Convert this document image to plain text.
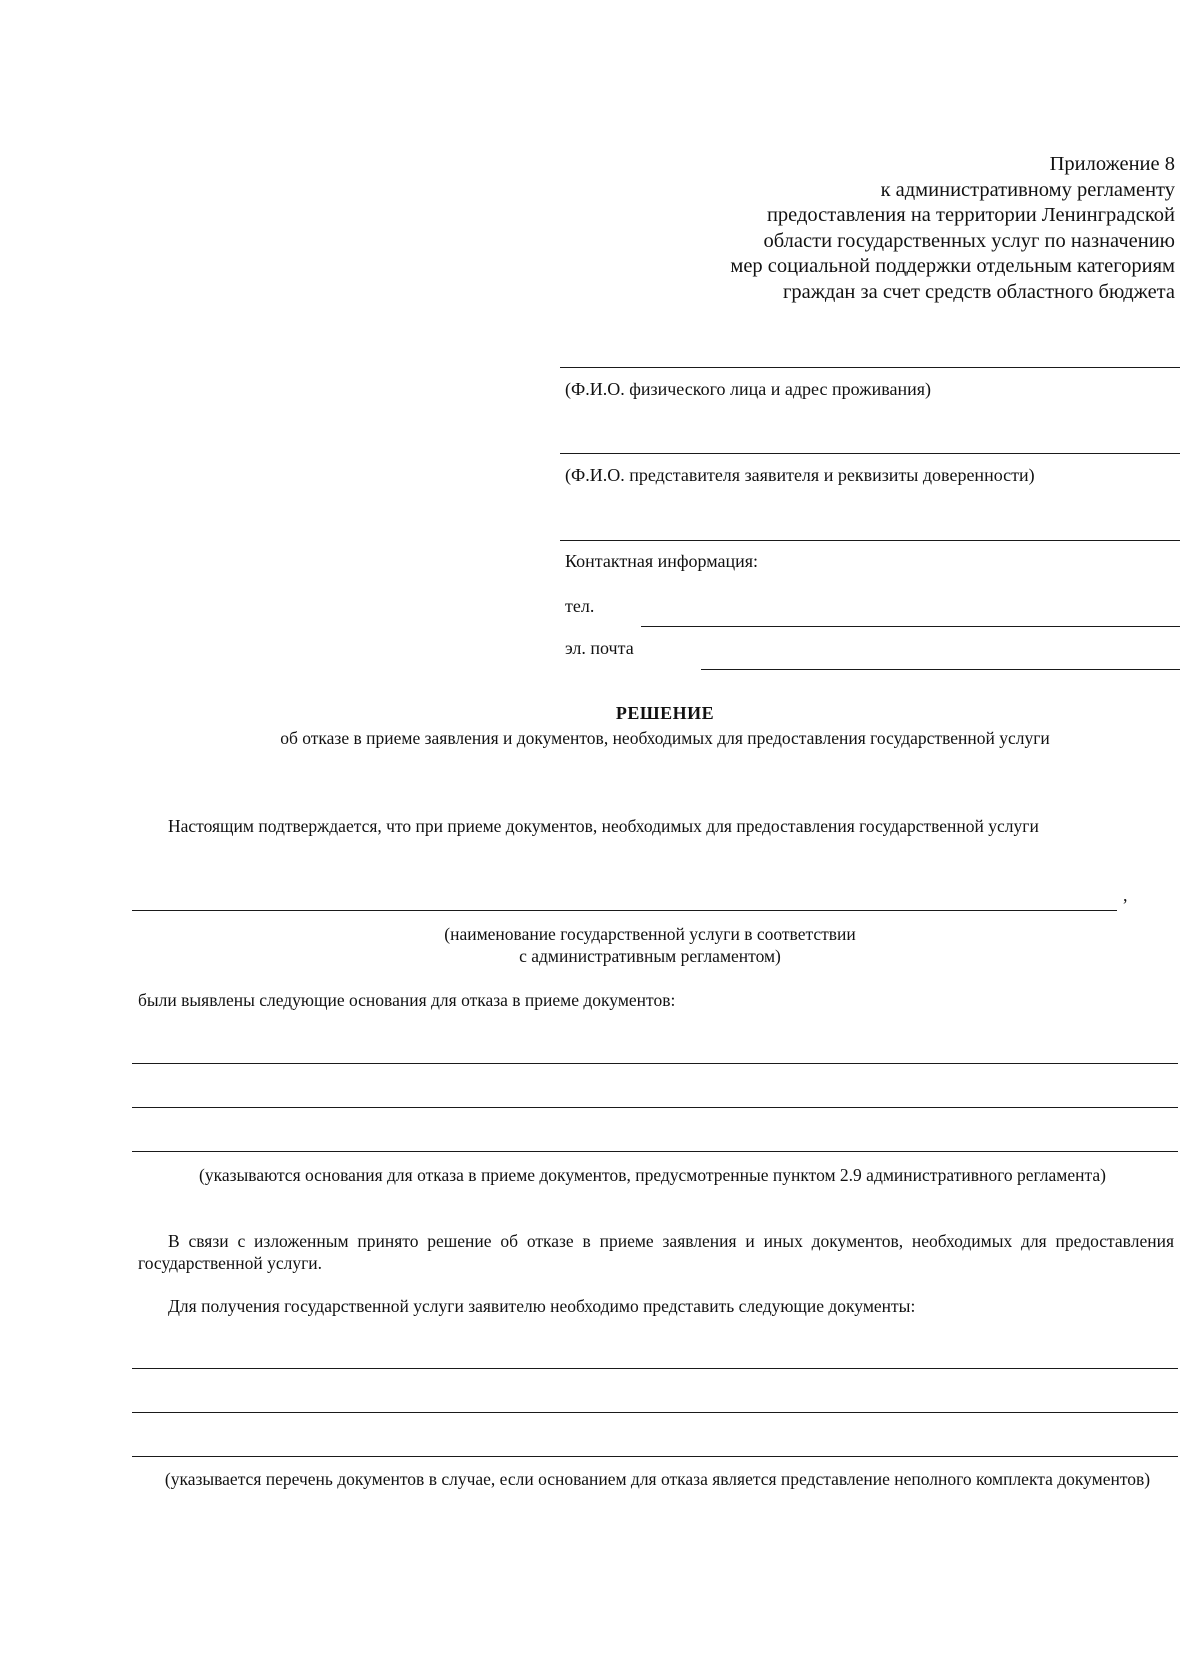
Приложение 8
к административному регламенту
предоставления на территории Ленинградской
области государственных услуг по назначению
мер социальной поддержки отдельным категориям
граждан за счет средств областного бюджета
(Ф.И.О. физического лица и адрес проживания)
(Ф.И.О. представителя заявителя и реквизиты доверенности)
Контактная информация:
тел.
эл. почта
РЕШЕНИЕ
об отказе в приеме заявления и документов, необходимых для предоставления государственной услуги
Настоящим подтверждается, что при приеме документов, необходимых для предоставления государственной услуги
,
(наименование государственной услуги в соответствии
с административным регламентом)
были выявлены следующие основания для отказа в приеме документов:
(указываются основания для отказа в приеме документов, предусмотренные пунктом 2.9 административного регламента)
В связи с изложенным принято решение об отказе в приеме заявления и иных документов, необходимых для предоставления государственной услуги.
Для получения государственной услуги заявителю необходимо представить следующие документы:
(указывается перечень документов в случае, если основанием для отказа является представление неполного комплекта документов)
